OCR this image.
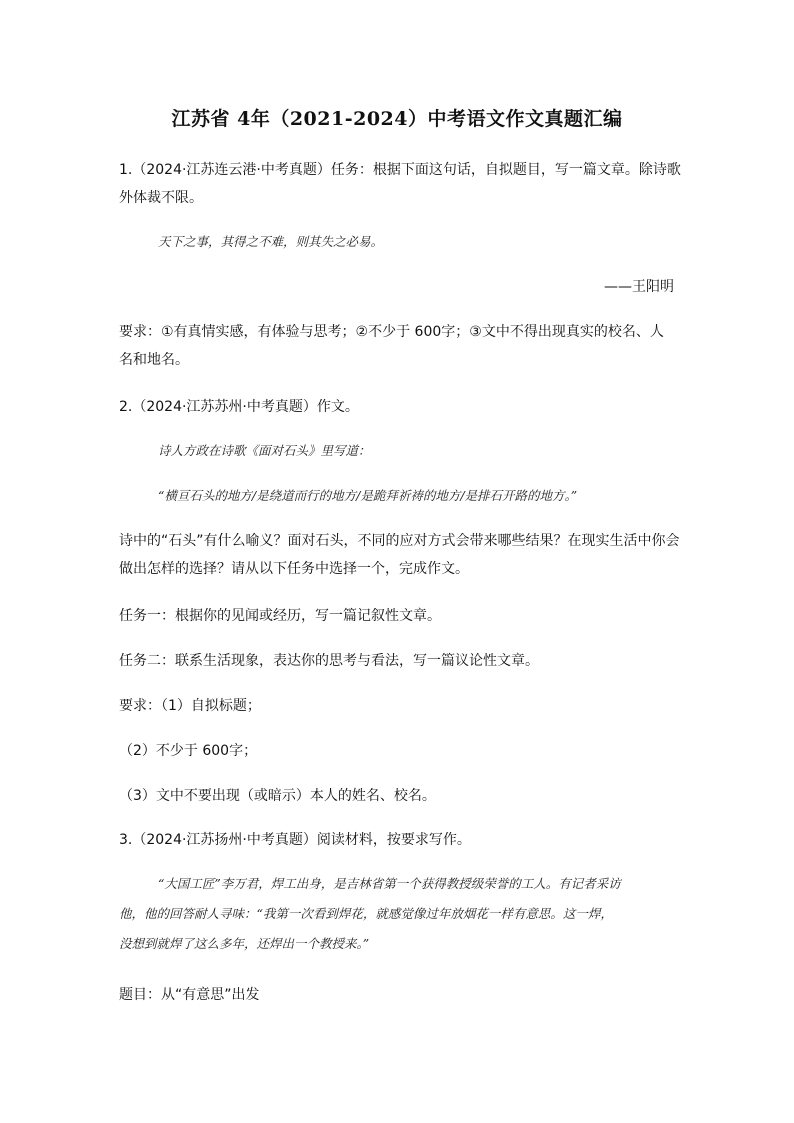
江苏省 4年（2021-2024）中考语文作文真题汇编
1.（2024·江苏连云港·中考真题）任务：根据下面这句话，自拟题目，写一篇文章。除诗歌
外体裁不限。
天下之事，其得之不难，则其失之必易。
——王阳明
要求：①有真情实感，有体验与思考；②不少于 600字；③文中不得出现真实的校名、人
名和地名。
2.（2024·江苏苏州·中考真题）作文。
诗人方政在诗歌《面对石头》里写道：
“横亘石头的地方/是绕道而行的地方/是跪拜祈祷的地方/是排石开路的地方。”
诗中的“石头”有什么喻义？面对石头，不同的应对方式会带来哪些结果？在现实生活中你会
做出怎样的选择？请从以下任务中选择一个，完成作文。
任务一：根据你的见闻或经历，写一篇记叙性文章。
任务二：联系生活现象，表达你的思考与看法，写一篇议论性文章。
要求：（1）自拟标题；
（2）不少于 600字；
（3）文中不要出现（或暗示）本人的姓名、校名。
3.（2024·江苏扬州·中考真题）阅读材料，按要求写作。
“大国工匠”李万君，焊工出身，是吉林省第一个获得教授级荣誉的工人。有记者采访
他，他的回答耐人寻味：“我第一次看到焊花，就感觉像过年放烟花一样有意思。这一焊，
没想到就焊了这么多年，还焊出一个教授来。”
题目：从“有意思”出发
